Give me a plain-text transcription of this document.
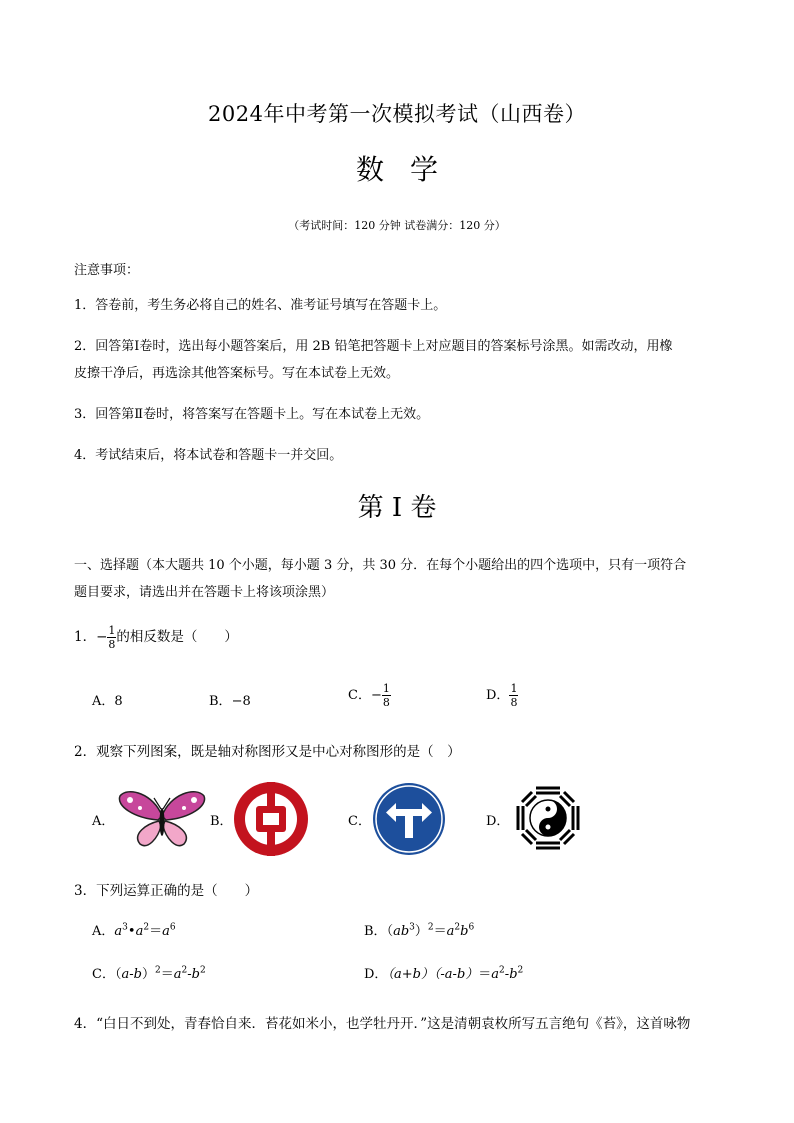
2024年中考第一次模拟考试（山西卷）
数学
（考试时间：120 分钟 试卷满分：120 分）
注意事项：
1．答卷前，考生务必将自己的姓名、准考证号填写在答题卡上。
2．回答第Ⅰ卷时，选出每小题答案后，用 2B 铅笔把答题卡上对应题目的答案标号涂黑。如需改动，用橡
皮擦干净后，再选涂其他答案标号。写在本试卷上无效。
3．回答第Ⅱ卷时，将答案写在答题卡上。写在本试卷上无效。
4．考试结束后，将本试卷和答题卡一并交回。
第 I 卷
一、选择题（本大题共 10 个小题，每小题 3 分，共 30 分．在每个小题给出的四个选项中，只有一项符合
题目要求，请选出并在答题卡上将该项涂黑）
1．− $\frac{1}{8}$ 的相反数是（　　）
A．8	B．−8	C．− $\frac{1}{8}$	D． $\frac{1}{8}$
2．观察下列图案，既是轴对称图形又是中心对称图形的是（　）
A．	B．	C．	D．
3．下列运算正确的是（　　）
A．$a^3•a^2=a^6$	B．$(ab^3)^2=a^2b^6$
C．$(a-b)^2=a^2-b^2$	D．$(a+b)(-a-b)=a^2-b^2$
4．“白日不到处，青春恰自来．苔花如米小，也学牡丹开．”这是清朝袁枚所写五言绝句《苔》，这首咏物
